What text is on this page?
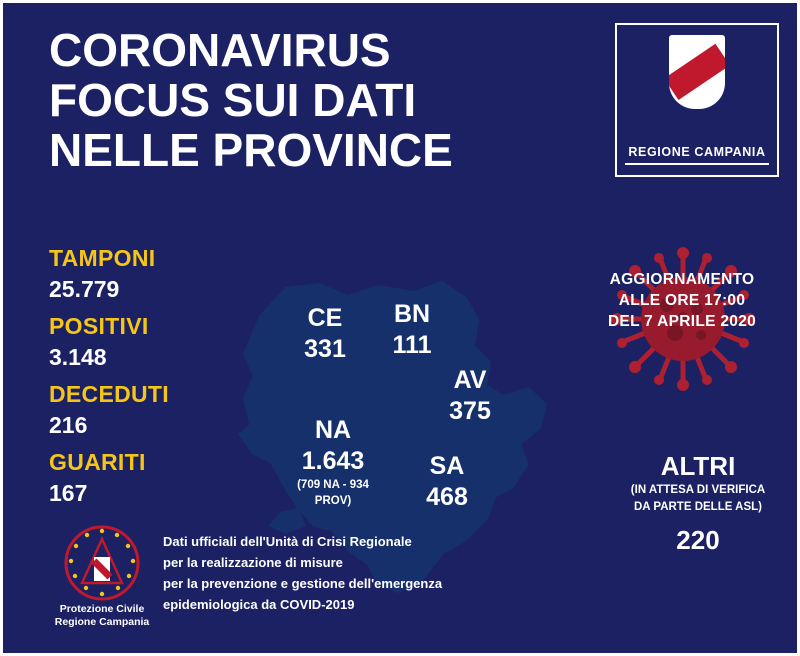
CORONAVIRUS
FOCUS SUI DATI
NELLE PROVINCE	REGIONE CAMPANIA
TAMPONI
25.779
POSITIVI
3.148
DECEDUTI
216
GUARITI
167
CE
331
BN
111
AV
375
NA
1.643
(709 NA - 934 PROV)
SA
468
AGGIORNAMENTO
ALLE ORE 17:00
DEL 7 APRILE 2020
ALTRI
(IN ATTESA DI VERIFICA
DA PARTE DELLE ASL)
220
Protezione Civile
Regione Campania
Dati ufficiali dell'Unità di Crisi Regionale
per la realizzazione di misure
per la prevenzione e gestione dell'emergenza
epidemiologica da COVID-2019
